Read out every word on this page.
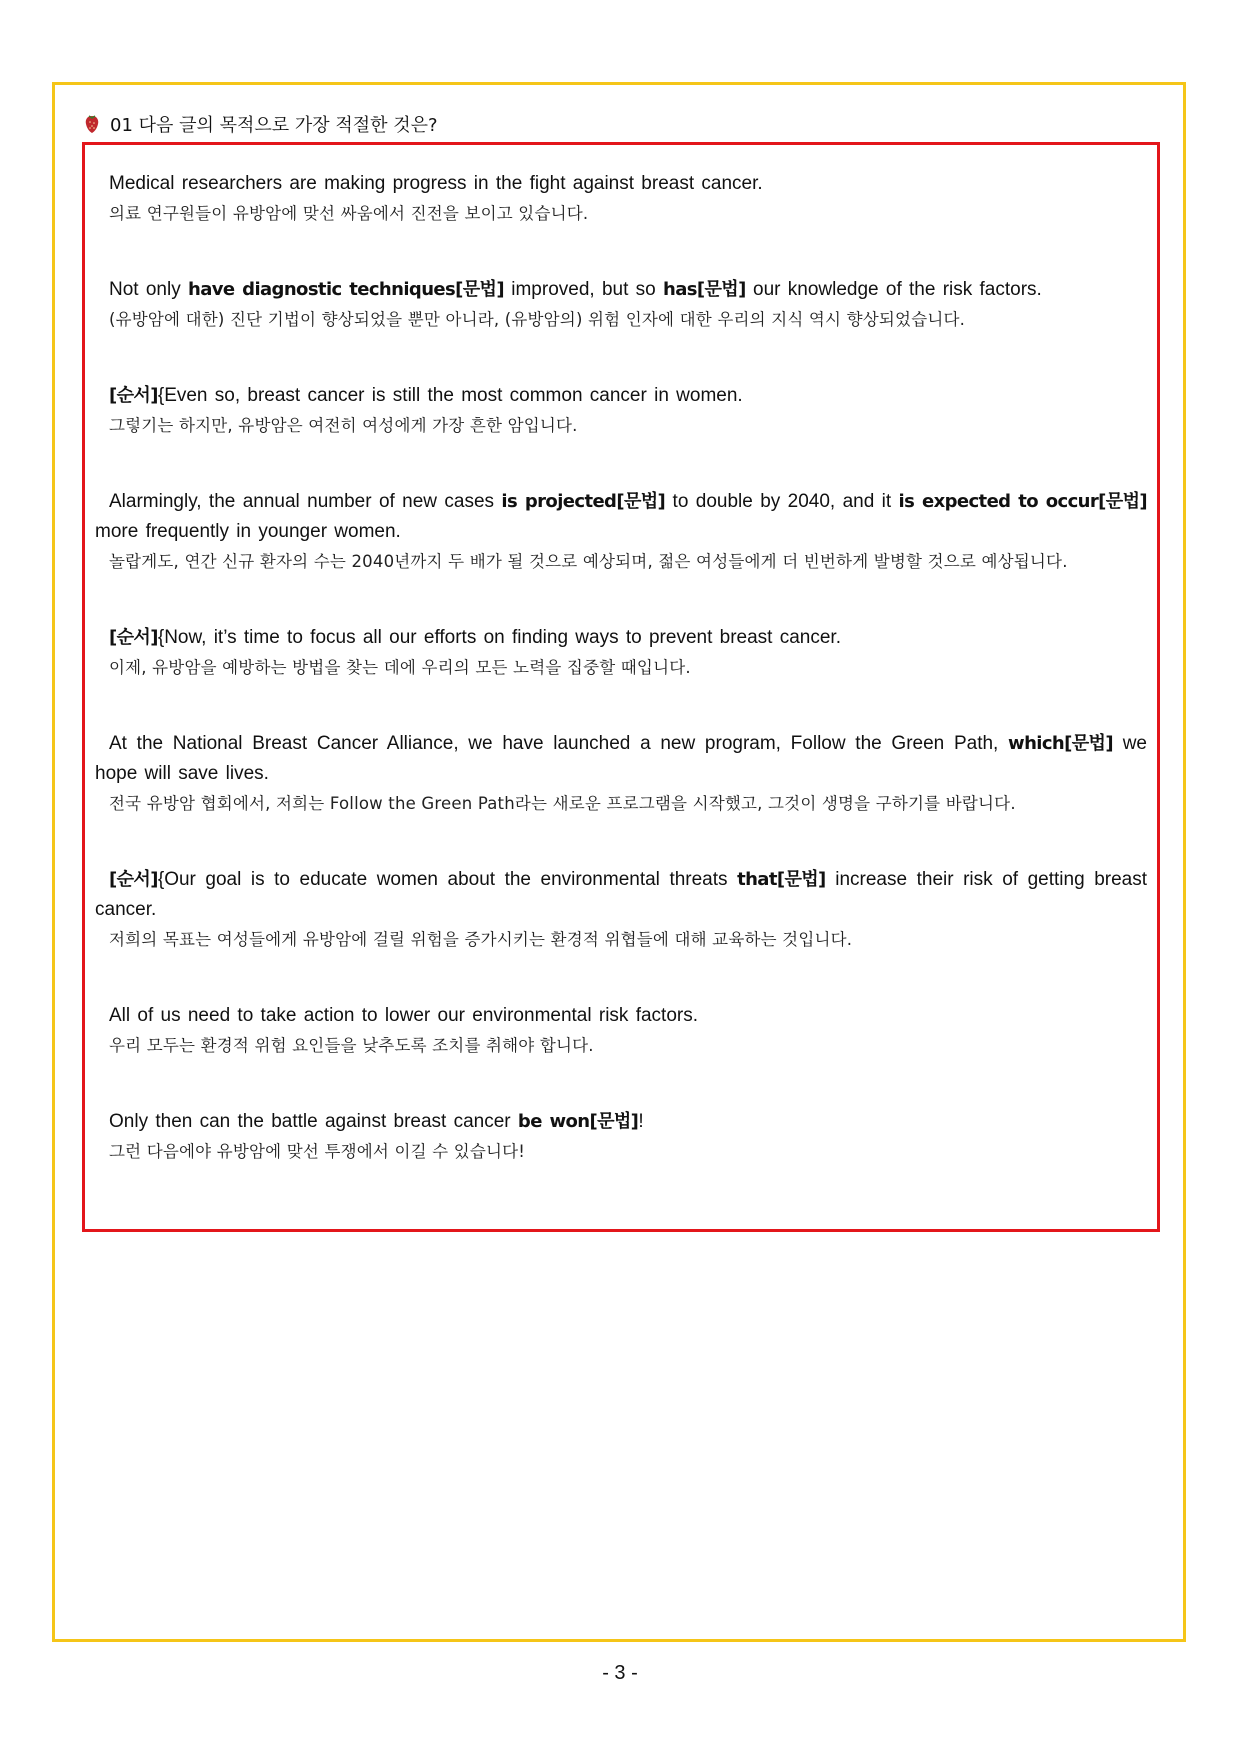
01 다음 글의 목적으로 가장 적절한 것은?

Medical researchers are making progress in the fight against breast cancer.

의료 연구원들이 유방암에 맞선 싸움에서 진전을 보이고 있습니다.

Not only have diagnostic techniques[문법] improved, but so has[문법] our knowledge of the risk factors.

(유방암에 대한) 진단 기법이 향상되었을 뿐만 아니라, (유방암의) 위험 인자에 대한 우리의 지식 역시 향상되었습니다.

[순서]{Even so, breast cancer is still the most common cancer in women.

그렇기는 하지만, 유방암은 여전히 여성에게 가장 흔한 암입니다.

Alarmingly, the annual number of new cases is projected[문법] to double by 2040, and it is expected to occur[문법] more frequently in younger women.

놀랍게도, 연간 신규 환자의 수는 2040년까지 두 배가 될 것으로 예상되며, 젊은 여성들에게 더 빈번하게 발병할 것으로 예상됩니다.

[순서]{Now, it’s time to focus all our efforts on finding ways to prevent breast cancer.

이제, 유방암을 예방하는 방법을 찾는 데에 우리의 모든 노력을 집중할 때입니다.

At the National Breast Cancer Alliance, we have launched a new program, Follow the Green Path, which[문법] we hope will save lives.

전국 유방암 협회에서, 저희는 Follow the Green Path라는 새로운 프로그램을 시작했고, 그것이 생명을 구하기를 바랍니다.

[순서]{Our goal is to educate women about the environmental threats that[문법] increase their risk of getting breast cancer.

저희의 목표는 여성들에게 유방암에 걸릴 위험을 증가시키는 환경적 위협들에 대해 교육하는 것입니다.

All of us need to take action to lower our environmental risk factors.

우리 모두는 환경적 위험 요인들을 낮추도록 조치를 취해야 합니다.

Only then can the battle against breast cancer be won[문법]!

그런 다음에야 유방암에 맞선 투쟁에서 이길 수 있습니다!

- 3 -
